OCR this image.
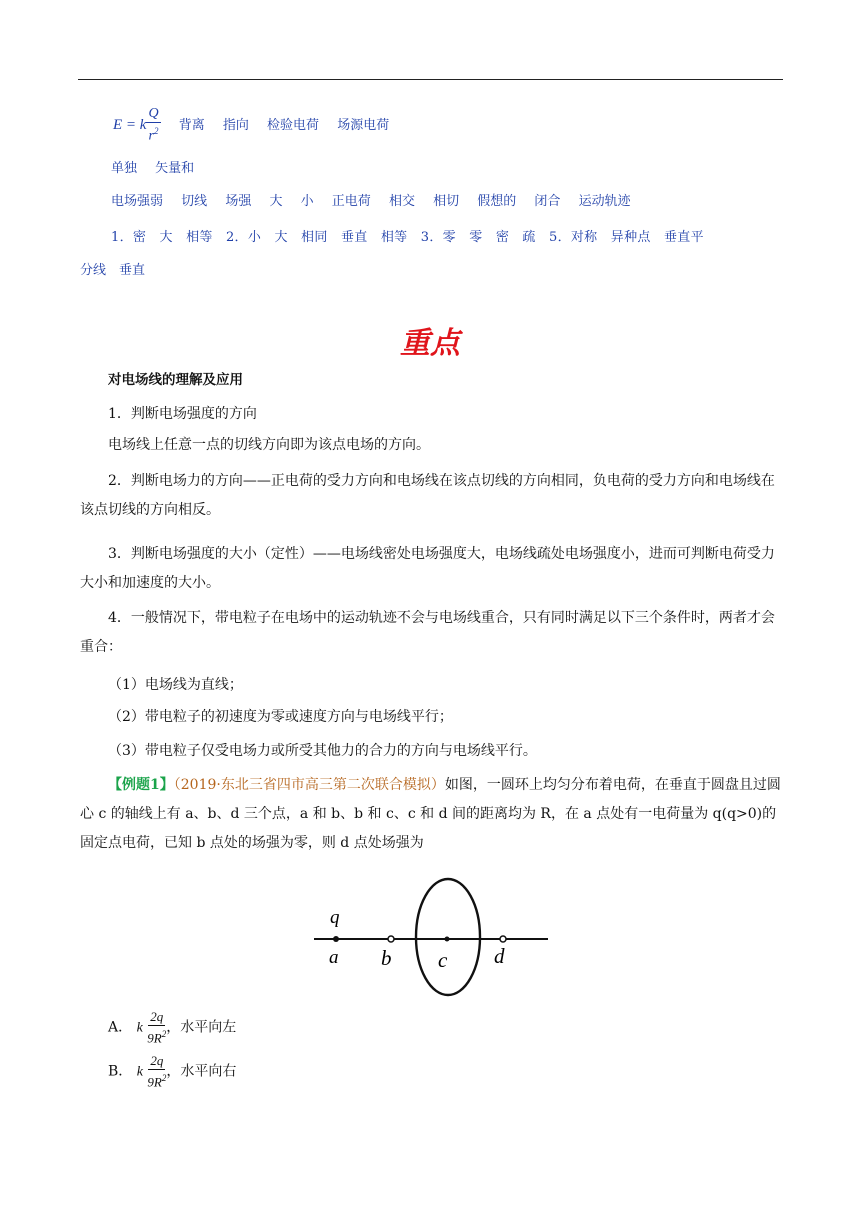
E = k $\frac{Q}{r^2}$ 背离 指向 检验电荷 场源电荷
单独 矢量和
电场强弱 切线 场强 大 小 正电荷 相交 相切 假想的 闭合 运动轨迹
1．密　大　相等　2．小　大　相同　垂直　相等　3．零　零　密　疏　5．对称　异种点　垂直平
分线　垂直
重点
对电场线的理解及应用
1．判断电场强度的方向
电场线上任意一点的切线方向即为该点电场的方向。
2．判断电场力的方向——正电荷的受力方向和电场线在该点切线的方向相同，负电荷的受力方向和电场线在该点切线的方向相反。
3．判断电场强度的大小（定性）——电场线密处电场强度大，电场线疏处电场强度小，进而可判断电荷受力大小和加速度的大小。
4．一般情况下，带电粒子在电场中的运动轨迹不会与电场线重合，只有同时满足以下三个条件时，两者才会重合：
（1）电场线为直线；
（2）带电粒子的初速度为零或速度方向与电场线平行；
（3）带电粒子仅受电场力或所受其他力的合力的方向与电场线平行。
【例题1】（2019·东北三省四市高三第二次联合模拟）如图，一圆环上均匀分布着电荷，在垂直于圆盘且过圆心 c 的轴线上有 a、b、d 三个点，a 和 b、b 和 c、c 和 d 间的距离均为 R，在 a 点处有一电荷量为 q(q>0)的固定点电荷，已知 b 点处的场强为零，则 d 点处场强为
q
a b c d
A． k $\frac{2q}{9R^2}$ ，水平向左
B． k $\frac{2q}{9R^2}$ ，水平向右
